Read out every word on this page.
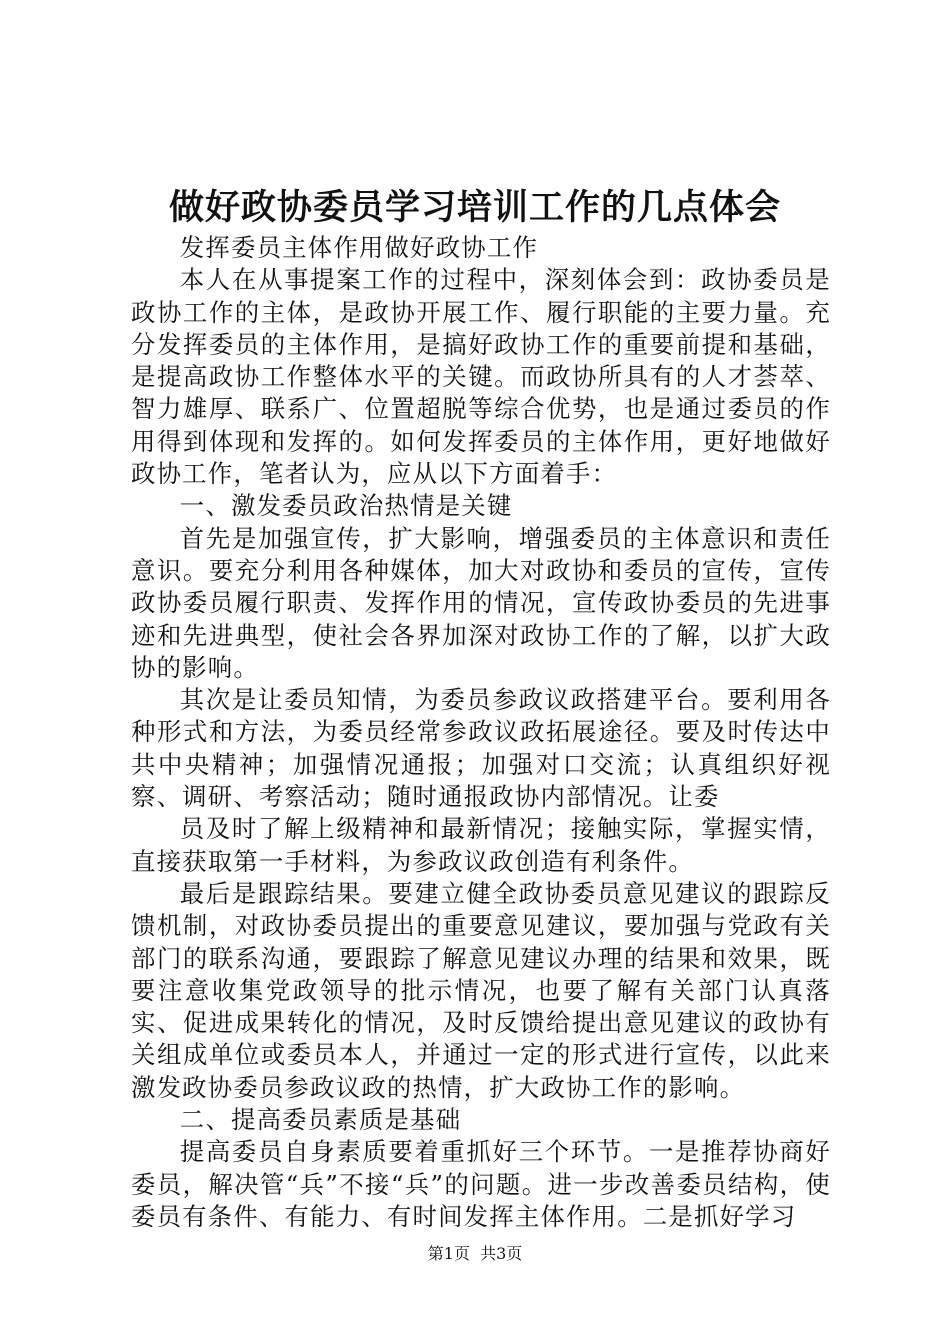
做好政协委员学习培训工作的几点体会

发挥委员主体作用做好政协工作

本人在从事提案工作的过程中，深刻体会到：政协委员是政协工作的主体，是政协开展工作、履行职能的主要力量。充分发挥委员的主体作用，是搞好政协工作的重要前提和基础，是提高政协工作整体水平的关键。而政协所具有的人才荟萃、智力雄厚、联系广、位置超脱等综合优势，也是通过委员的作用得到体现和发挥的。如何发挥委员的主体作用，更好地做好政协工作，笔者认为，应从以下方面着手：

一、激发委员政治热情是关键

首先是加强宣传，扩大影响，增强委员的主体意识和责任意识。要充分利用各种媒体，加大对政协和委员的宣传，宣传政协委员履行职责、发挥作用的情况，宣传政协委员的先进事迹和先进典型，使社会各界加深对政协工作的了解，以扩大政协的影响。

其次是让委员知情，为委员参政议政搭建平台。要利用各种形式和方法，为委员经常参政议政拓展途径。要及时传达中共中央精神；加强情况通报；加强对口交流；认真组织好视察、调研、考察活动；随时通报政协内部情况。让委

员及时了解上级精神和最新情况；接触实际，掌握实情，直接获取第一手材料，为参政议政创造有利条件。

最后是跟踪结果。要建立健全政协委员意见建议的跟踪反馈机制，对政协委员提出的重要意见建议，要加强与党政有关部门的联系沟通，要跟踪了解意见建议办理的结果和效果，既要注意收集党政领导的批示情况，也要了解有关部门认真落实、促进成果转化的情况，及时反馈给提出意见建议的政协有关组成单位或委员本人，并通过一定的形式进行宣传，以此来激发政协委员参政议政的热情，扩大政协工作的影响。

二、提高委员素质是基础

提高委员自身素质要着重抓好三个环节。一是推荐协商好委员，解决管“兵”不接“兵”的问题。进一步改善委员结构，使委员有条件、有能力、有时间发挥主体作用。二是抓好学习

第1页 共3页
